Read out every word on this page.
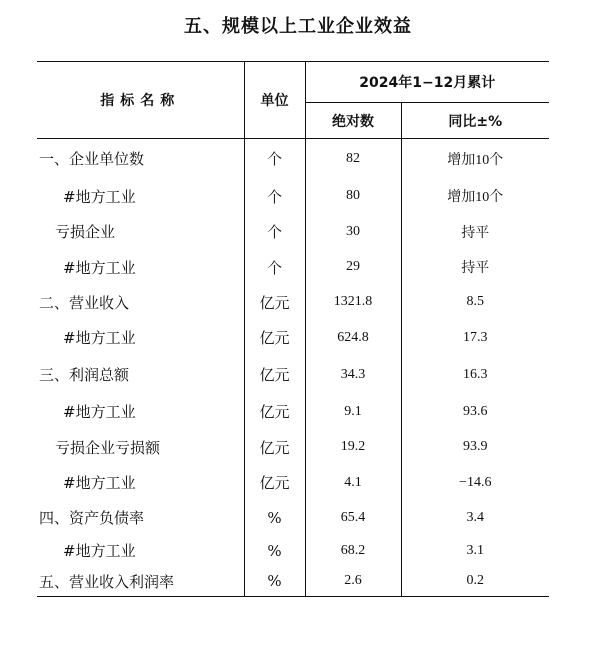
五、规模以上工业企业效益
指标名称	单位	2024年1−12月累计	
		绝对数	同比±%
一、企业单位数	个	82	增加10个
#地方工业	个	80	增加10个
亏损企业	个	30	持平
#地方工业	个	29	持平
二、营业收入	亿元	1321.8	8.5
#地方工业	亿元	624.8	17.3
三、利润总额	亿元	34.3	16.3
#地方工业	亿元	9.1	93.6
亏损企业亏损额	亿元	19.2	93.9
#地方工业	亿元	4.1	−14.6
四、资产负债率	%	65.4	3.4
#地方工业	%	68.2	3.1
五、营业收入利润率	%	2.6	0.2
